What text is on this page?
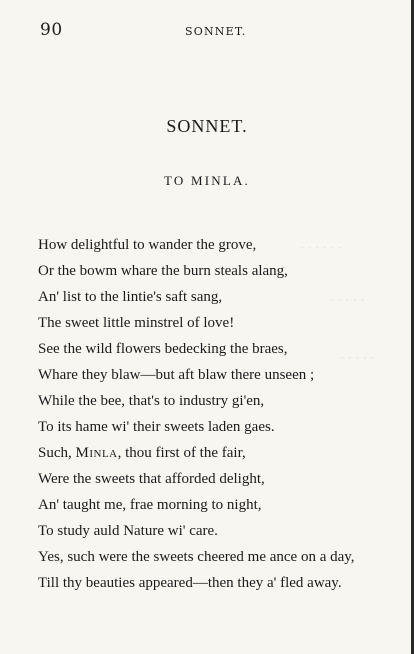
· · · · · ·
· · · · ·
· · · · ·
90	SONNET.
SONNET.
TO MINLA.
How delightful to wander the grove,
Or the bowm whare the burn steals alang,
An' list to the lintie's saft sang,
The sweet little minstrel of love!
See the wild flowers bedecking the braes,
Whare they blaw—but aft blaw there unseen ;
While the bee, that's to industry gi'en,
To its hame wi' their sweets laden gaes.
Such, Minla, thou first of the fair,
Were the sweets that afforded delight,
An' taught me, frae morning to night,
To study auld Nature wi' care.
Yes, such were the sweets cheered me ance on a day,
Till thy beauties appeared—then they a' fled away.
